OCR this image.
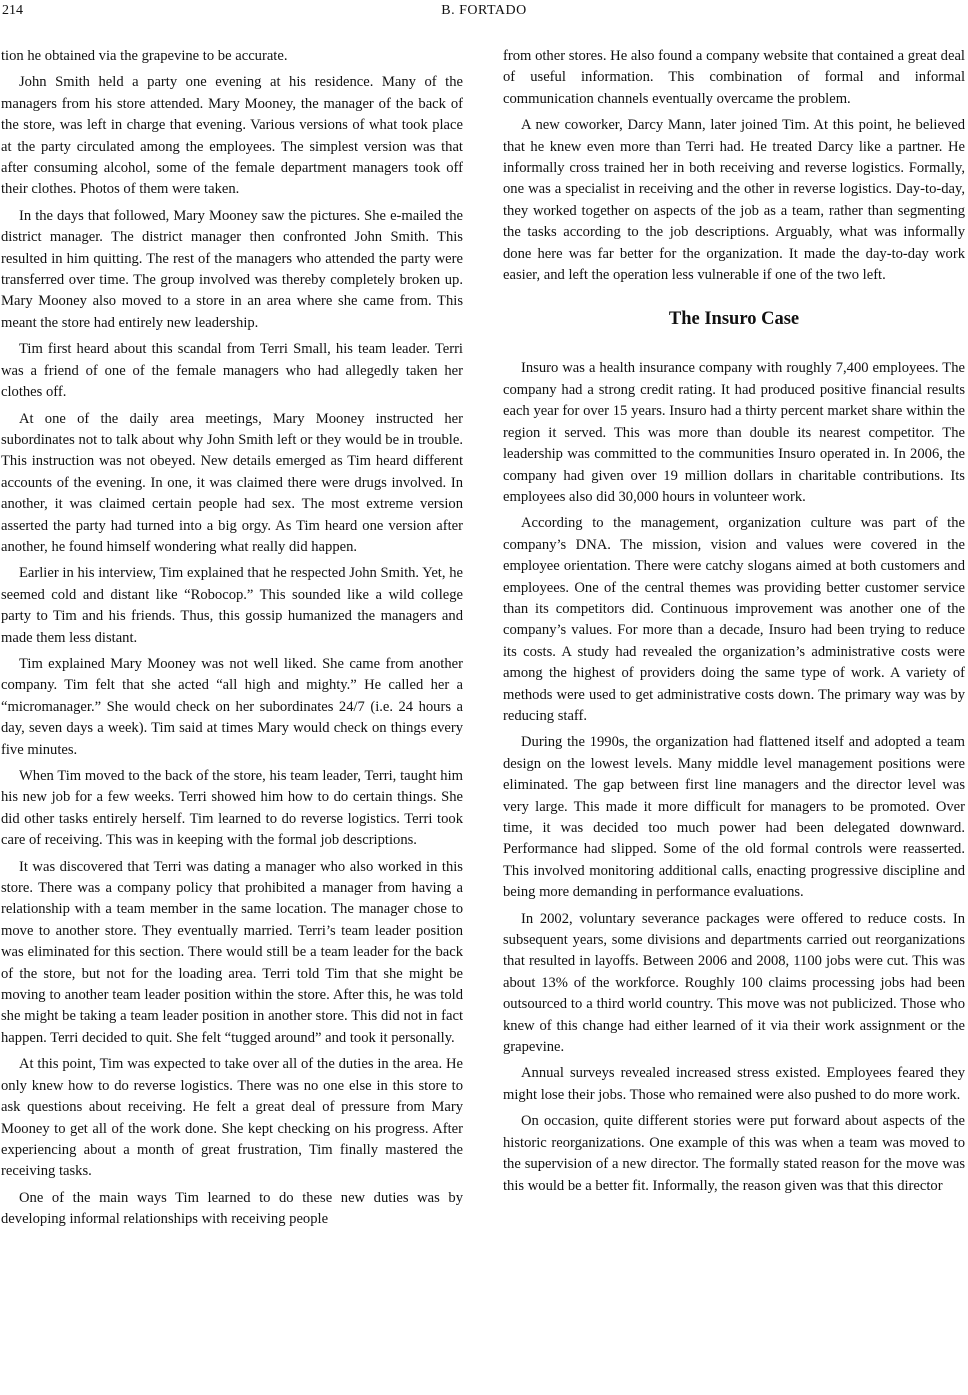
214	B. FORTADO

tion he obtained via the grapevine to be accurate.

John Smith held a party one evening at his residence. Many of the managers from his store attended. Mary Mooney, the manager of the back of the store, was left in charge that evening. Various versions of what took place at the party circulated among the employees. The simplest version was that after consuming alcohol, some of the female department managers took off their clothes. Photos of them were taken.

In the days that followed, Mary Mooney saw the pictures. She e-mailed the district manager. The district manager then confronted John Smith. This resulted in him quitting. The rest of the managers who attended the party were transferred over time. The group involved was thereby completely broken up. Mary Mooney also moved to a store in an area where she came from. This meant the store had entirely new leadership.

Tim first heard about this scandal from Terri Small, his team leader. Terri was a friend of one of the female managers who had allegedly taken her clothes off.

At one of the daily area meetings, Mary Mooney instructed her subordinates not to talk about why John Smith left or they would be in trouble. This instruction was not obeyed. New details emerged as Tim heard different accounts of the evening. In one, it was claimed there were drugs involved. In another, it was claimed certain people had sex. The most extreme version asserted the party had turned into a big orgy. As Tim heard one version after another, he found himself wondering what really did happen.

Earlier in his interview, Tim explained that he respected John Smith. Yet, he seemed cold and distant like “Robocop.” This sounded like a wild college party to Tim and his friends. Thus, this gossip humanized the managers and made them less distant.

Tim explained Mary Mooney was not well liked. She came from another company. Tim felt that she acted “all high and mighty.” He called her a “micromanager.” She would check on her subordinates 24/7 (i.e. 24 hours a day, seven days a week). Tim said at times Mary would check on things every five minutes.

When Tim moved to the back of the store, his team leader, Terri, taught him his new job for a few weeks. Terri showed him how to do certain things. She did other tasks entirely herself. Tim learned to do reverse logistics. Terri took care of receiving. This was in keeping with the formal job descriptions.

It was discovered that Terri was dating a manager who also worked in this store. There was a company policy that prohibited a manager from having a relationship with a team member in the same location. The manager chose to move to another store. They eventually married. Terri’s team leader position was eliminated for this section. There would still be a team leader for the back of the store, but not for the loading area. Terri told Tim that she might be moving to another team leader position within the store. After this, he was told she might be taking a team leader position in another store. This did not in fact happen. Terri decided to quit. She felt “tugged around” and took it personally.

At this point, Tim was expected to take over all of the duties in the area. He only knew how to do reverse logistics. There was no one else in this store to ask questions about receiving. He felt a great deal of pressure from Mary Mooney to get all of the work done. She kept checking on his progress. After experiencing about a month of great frustration, Tim finally mastered the receiving tasks.

One of the main ways Tim learned to do these new duties was by developing informal relationships with receiving people

from other stores. He also found a company website that contained a great deal of useful information. This combination of formal and informal communication channels eventually overcame the problem.

A new coworker, Darcy Mann, later joined Tim. At this point, he believed that he knew even more than Terri had. He treated Darcy like a partner. He informally cross trained her in both receiving and reverse logistics. Formally, one was a specialist in receiving and the other in reverse logistics. Day-to-day, they worked together on aspects of the job as a team, rather than segmenting the tasks according to the job descriptions. Arguably, what was informally done here was far better for the organization. It made the day-to-day work easier, and left the operation less vulnerable if one of the two left.

The Insuro Case

Insuro was a health insurance company with roughly 7,400 employees. The company had a strong credit rating. It had produced positive financial results each year for over 15 years. Insuro had a thirty percent market share within the region it served. This was more than double its nearest competitor. The leadership was committed to the communities Insuro operated in. In 2006, the company had given over 19 million dollars in charitable contributions. Its employees also did 30,000 hours in volunteer work.

According to the management, organization culture was part of the company’s DNA. The mission, vision and values were covered in the employee orientation. There were catchy slogans aimed at both customers and employees. One of the central themes was providing better customer service than its competitors did. Continuous improvement was another one of the company’s values. For more than a decade, Insuro had been trying to reduce its costs. A study had revealed the organization’s administrative costs were among the highest of providers doing the same type of work. A variety of methods were used to get administrative costs down. The primary way was by reducing staff.

During the 1990s, the organization had flattened itself and adopted a team design on the lowest levels. Many middle level management positions were eliminated. The gap between first line managers and the director level was very large. This made it more difficult for managers to be promoted. Over time, it was decided too much power had been delegated downward. Performance had slipped. Some of the old formal controls were reasserted. This involved monitoring additional calls, enacting progressive discipline and being more demanding in performance evaluations.

In 2002, voluntary severance packages were offered to reduce costs. In subsequent years, some divisions and departments carried out reorganizations that resulted in layoffs. Between 2006 and 2008, 1100 jobs were cut. This was about 13% of the workforce. Roughly 100 claims processing jobs had been outsourced to a third world country. This move was not publicized. Those who knew of this change had either learned of it via their work assignment or the grapevine.

Annual surveys revealed increased stress existed. Employees feared they might lose their jobs. Those who remained were also pushed to do more work.

On occasion, quite different stories were put forward about aspects of the historic reorganizations. One example of this was when a team was moved to the supervision of a new director. The formally stated reason for the move was this would be a better fit. Informally, the reason given was that this director
